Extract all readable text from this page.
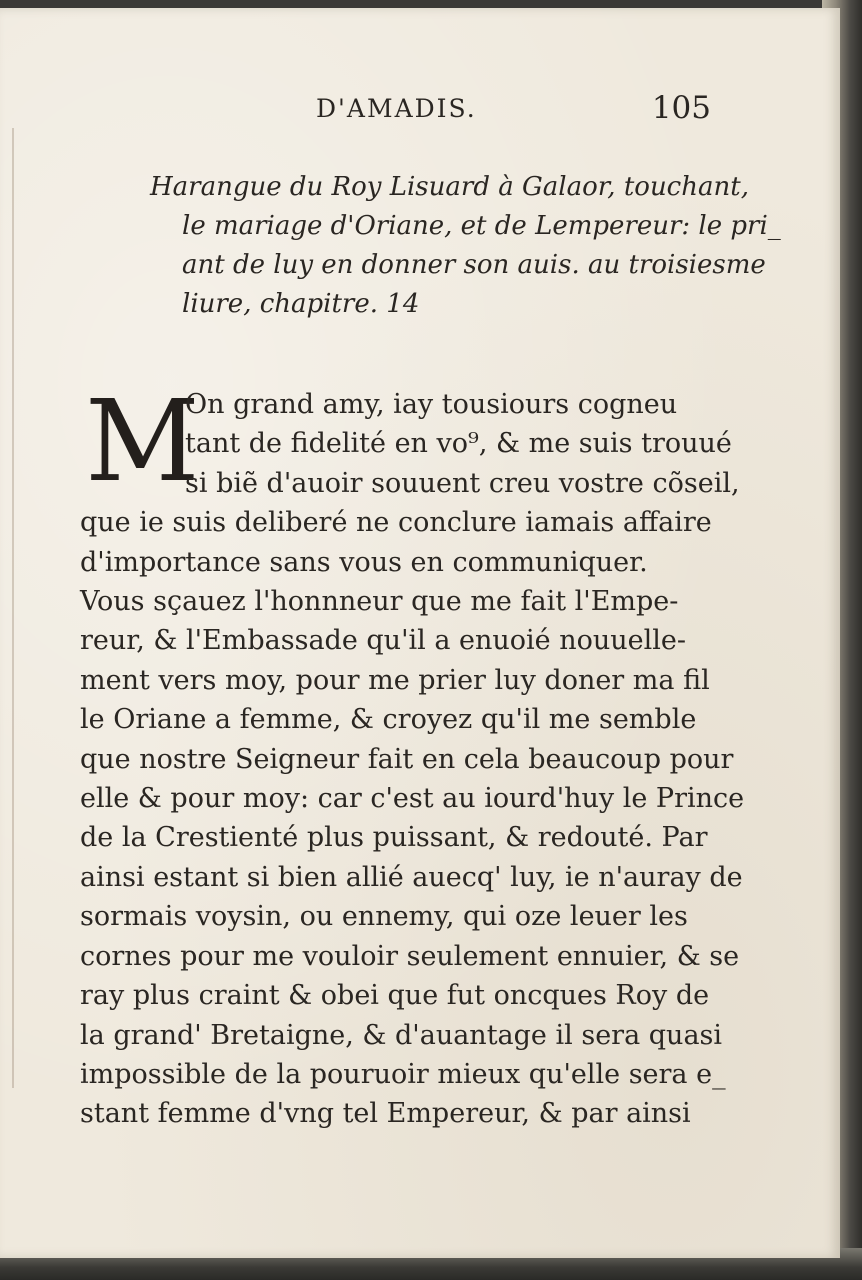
D'AMADIS.	105
Harangue du Roy Lisuard à Galaor, touchant,
le mariage d'Oriane, et de Lempereur: le pri_
ant de luy en donner son auis. au troisiesme
liure, chapitre. 14
M
On grand amy, iay tousiours cogneu
tant de fidelité en vo⁹, & me suis trouué
si biẽ d'auoir souuent creu vostre cõseil,
que ie suis deliberé ne conclure iamais affaire
d'importance sans vous en communiquer.
Vous sçauez l'honnneur que me fait l'Empe-
reur, & l'Embassade qu'il a enuoié nouuelle-
ment vers moy, pour me prier luy doner ma fil
le Oriane a femme, & croyez qu'il me semble
que nostre Seigneur fait en cela beaucoup pour
elle & pour moy: car c'est au iourd'huy le Prince
de la Crestienté plus puissant, & redouté. Par
ainsi estant si bien allié auecq' luy, ie n'auray de
sormais voysin, ou ennemy, qui oze leuer les
cornes pour me vouloir seulement ennuier, & se
ray plus craint & obei que fut oncques Roy de
la grand' Bretaigne, & d'auantage il sera quasi
impossible de la pouruoir mieux qu'elle sera e_
stant femme d'vng tel Empereur, & par ainsi
